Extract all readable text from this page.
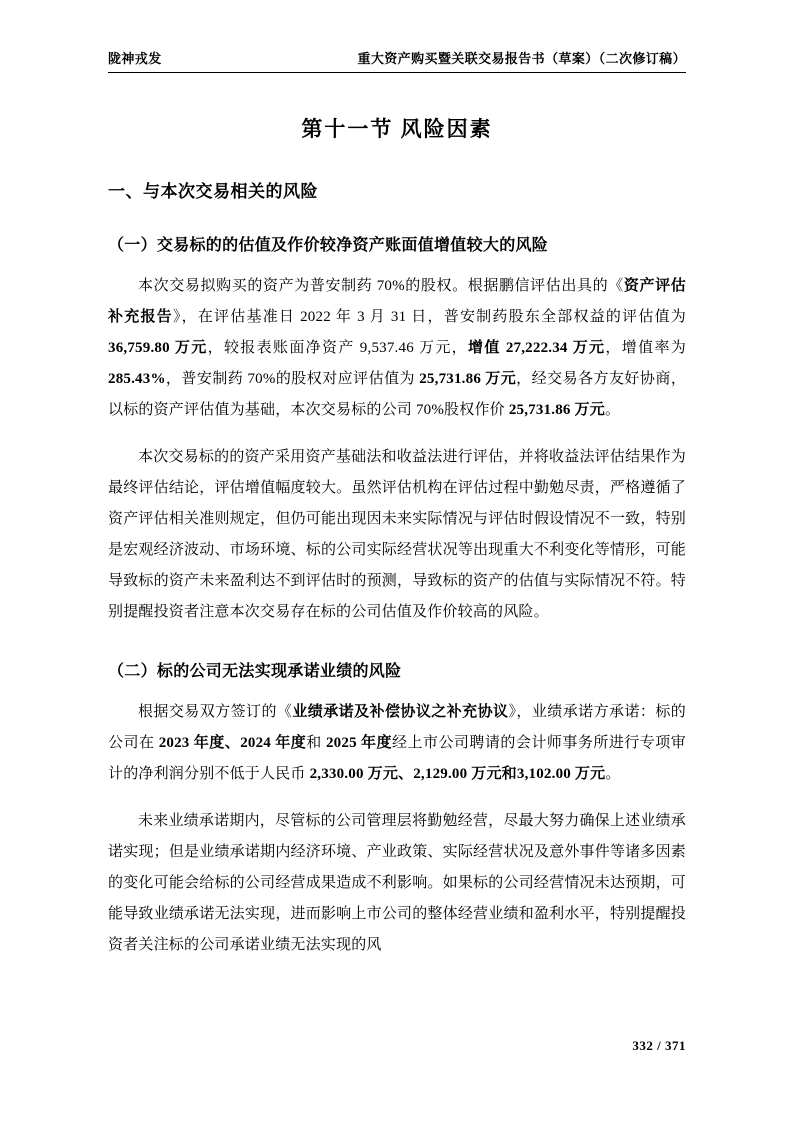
陇神戎发	重大资产购买暨关联交易报告书（草案）（二次修订稿）
第十一节 风险因素
一、与本次交易相关的风险
（一）交易标的的估值及作价较净资产账面值增值较大的风险

本次交易拟购买的资产为普安制药 70%的股权。根据鹏信评估出具的《资产评估补充报告》，在评估基准日 2022 年 3 月 31 日，普安制药股东全部权益的评估值为 36,759.80 万元，较报表账面净资产 9,537.46 万元，增值 27,222.34 万元，增值率为 285.43%，普安制药 70%的股权对应评估值为 25,731.86 万元，经交易各方友好协商，以标的资产评估值为基础，本次交易标的公司 70%股权作价 25,731.86 万元。

本次交易标的的资产采用资产基础法和收益法进行评估，并将收益法评估结果作为最终评估结论，评估增值幅度较大。虽然评估机构在评估过程中勤勉尽责，严格遵循了资产评估相关准则规定，但仍可能出现因未来实际情况与评估时假设情况不一致，特别是宏观经济波动、市场环境、标的公司实际经营状况等出现重大不利变化等情形，可能导致标的资产未来盈利达不到评估时的预测，导致标的资产的估值与实际情况不符。特别提醒投资者注意本次交易存在标的公司估值及作价较高的风险。

（二）标的公司无法实现承诺业绩的风险

根据交易双方签订的《业绩承诺及补偿协议之补充协议》，业绩承诺方承诺：标的公司在 2023 年度、2024 年度和 2025 年度经上市公司聘请的会计师事务所进行专项审计的净利润分别不低于人民币 2,330.00 万元、2,129.00 万元和3,102.00 万元。

未来业绩承诺期内，尽管标的公司管理层将勤勉经营，尽最大努力确保上述业绩承诺实现；但是业绩承诺期内经济环境、产业政策、实际经营状况及意外事件等诸多因素的变化可能会给标的公司经营成果造成不利影响。如果标的公司经营情况未达预期，可能导致业绩承诺无法实现，进而影响上市公司的整体经营业绩和盈利水平，特别提醒投资者关注标的公司承诺业绩无法实现的风

332 / 371
